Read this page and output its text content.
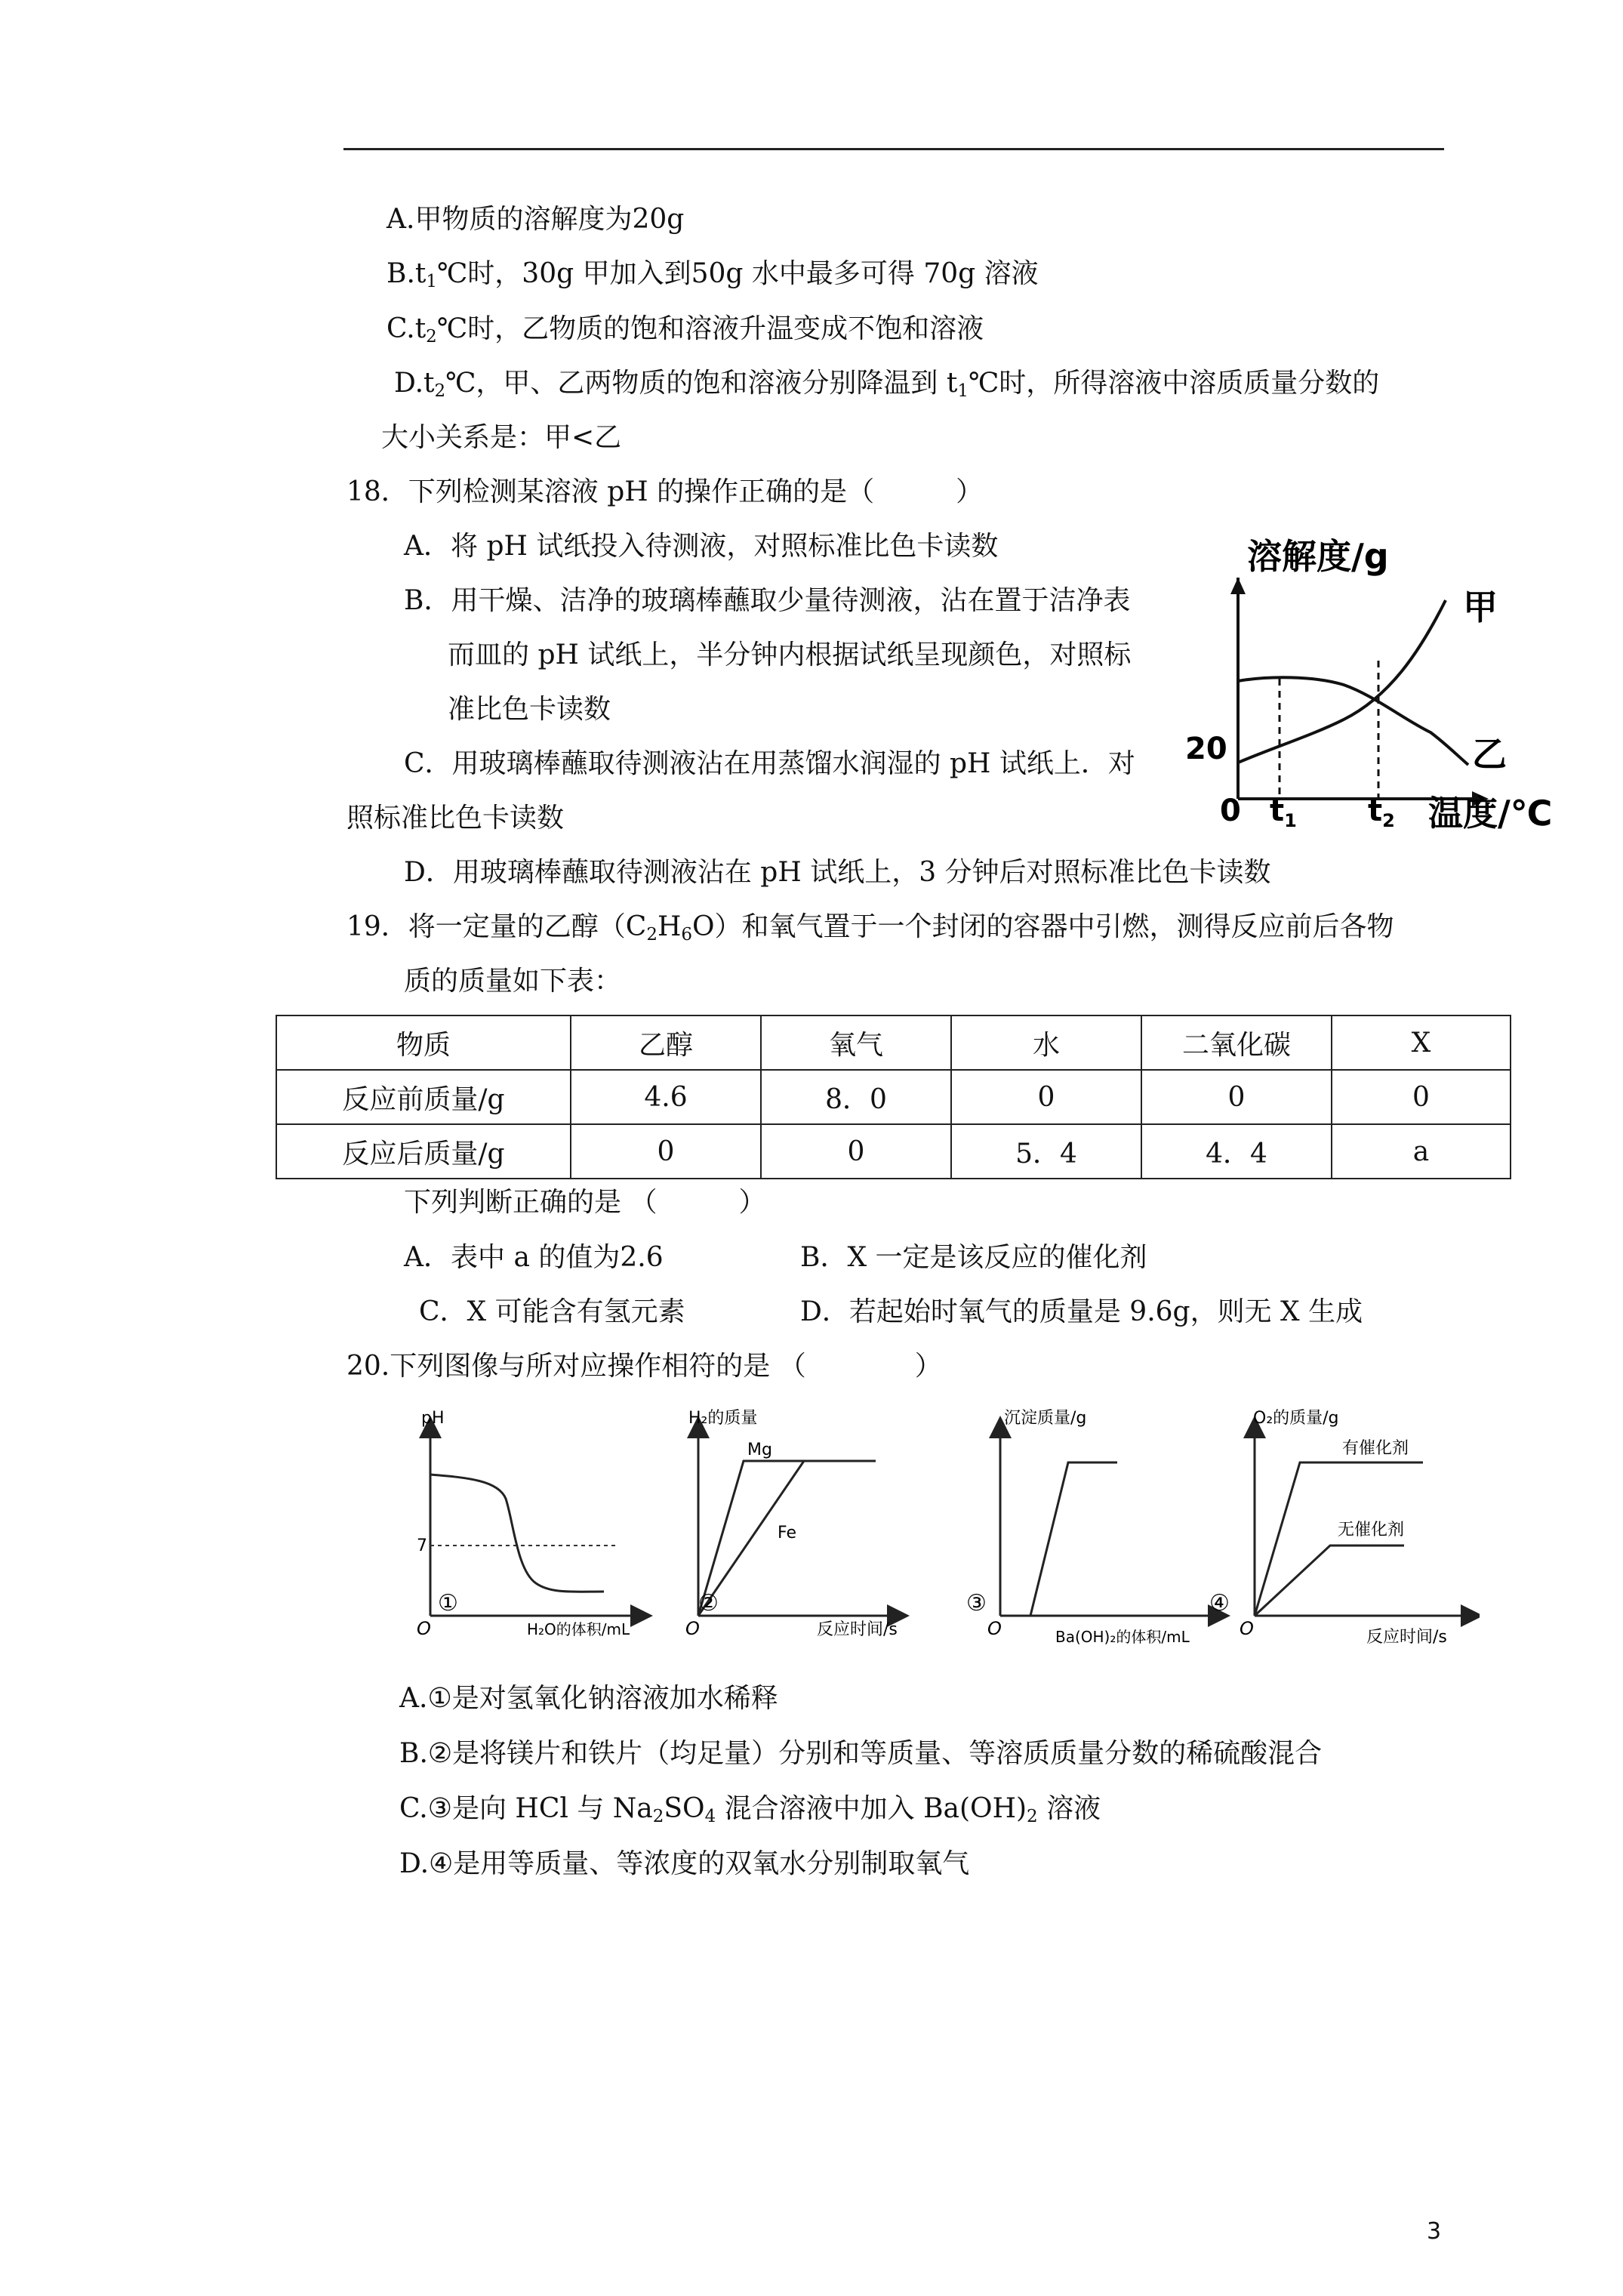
A.甲物质的溶解度为20g
$B.t_1℃$时，30g 甲加入到50g 水中最多可得 70g 溶液
$C.t_2℃$时，乙物质的饱和溶液升温变成不饱和溶液
$D.t_2℃$，甲、乙两物质的饱和溶液分别降温到 $t_1℃$时，所得溶液中溶质质量分数的
大小关系是：甲<乙
18．下列检测某溶液 pH 的操作正确的是（　　　）
A．将 pH 试纸投入待测液，对照标准比色卡读数
B．用干燥、洁净的玻璃棒蘸取少量待测液，沾在置于洁净表
而皿的 pH 试纸上，半分钟内根据试纸呈现颜色，对照标
准比色卡读数
C．用玻璃棒蘸取待测液沾在用蒸馏水润湿的 pH 试纸上．对
照标准比色卡读数
D．用玻璃棒蘸取待测液沾在 pH 试纸上，3 分钟后对照标准比色卡读数
溶解度/g
0
20
$t_1$ $t_2$ 温度/℃
甲
乙
19．将一定量的乙醇$(C_2H_6O)$和氧气置于一个封闭的容器中引燃，测得反应前后各物
质的质量如下表：
物质	乙醇	氧气	水	二氧化碳	X
反应前质量/g	4.6	8．0	0	0	0
反应后质量/g	0	0	5．4	4．4	a
下列判断正确的是 （　　　）
A．表中 a 的值为2.6	B．X 一定是该反应的催化剂
C．X 可能含有氢元素	D．若起始时氧气的质量是 9.6g，则无 X 生成
20.下列图像与所对应操作相符的是 （　　　　）
pH
7
O
①
H₂O的体积/mL
H₂的质量
Mg
Fe
O
②
反应时间/s
沉淀质量/g
O
③
Ba(OH)₂的体积/mL
O₂的质量/g
有催化剂
无催化剂
O
④
反应时间/s
A.①是对氢氧化钠溶液加水稀释
B.②是将镁片和铁片（均足量）分别和等质量、等溶质质量分数的稀硫酸混合
C.③是向 HCl 与 $Na_2SO_4$ 混合溶液中加入 $Ba(OH)_2$ 溶液
D.④是用等质量、等浓度的双氧水分别制取氧气
3
